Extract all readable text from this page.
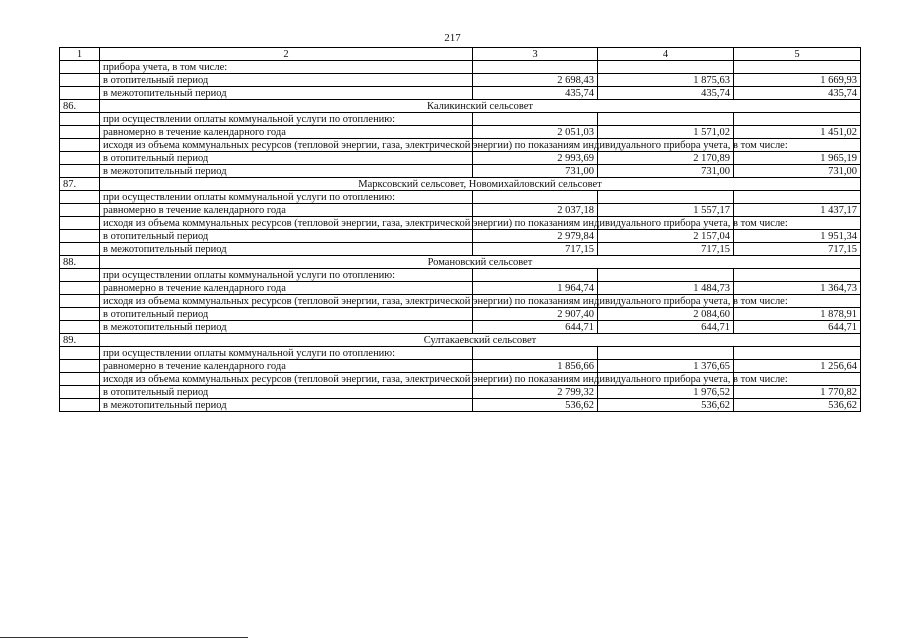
217
1	2	3	4	5
	прибора учета, в том числе:			
	в отопительный период	2 698,43	1 875,63	1 669,93
	в межотопительный период	435,74	435,74	435,74
86.	Каликинский сельсовет			
	при осуществлении оплаты коммунальной услуги по отоплению:			
	равномерно в течение календарного года	2 051,03	1 571,02	1 451,02
	исходя из объема коммунальных ресурсов (тепловой энергии, газа, электрической энергии) по показаниям индивидуального прибора учета, в том числе:			
	в отопительный период	2 993,69	2 170,89	1 965,19
	в межотопительный период	731,00	731,00	731,00
87.	Марксовский сельсовет, Новомихайловский сельсовет			
	при осуществлении оплаты коммунальной услуги по отоплению:			
	равномерно в течение календарного года	2 037,18	1 557,17	1 437,17
	исходя из объема коммунальных ресурсов (тепловой энергии, газа, электрической энергии) по показаниям индивидуального прибора учета, в том числе:			
	в отопительный период	2 979,84	2 157,04	1 951,34
	в межотопительный период	717,15	717,15	717,15
88.	Романовский сельсовет			
	при осуществлении оплаты коммунальной услуги по отоплению:			
	равномерно в течение календарного года	1 964,74	1 484,73	1 364,73
	исходя из объема коммунальных ресурсов (тепловой энергии, газа, электрической энергии) по показаниям индивидуального прибора учета, в том числе:			
	в отопительный период	2 907,40	2 084,60	1 878,91
	в межотопительный период	644,71	644,71	644,71
89.	Султакаевский сельсовет			
	при осуществлении оплаты коммунальной услуги по отоплению:			
	равномерно в течение календарного года	1 856,66	1 376,65	1 256,64
	исходя из объема коммунальных ресурсов (тепловой энергии, газа, электрической энергии) по показаниям индивидуального прибора учета, в том числе:			
	в отопительный период	2 799,32	1 976,52	1 770,82
	в межотопительный период	536,62	536,62	536,62
